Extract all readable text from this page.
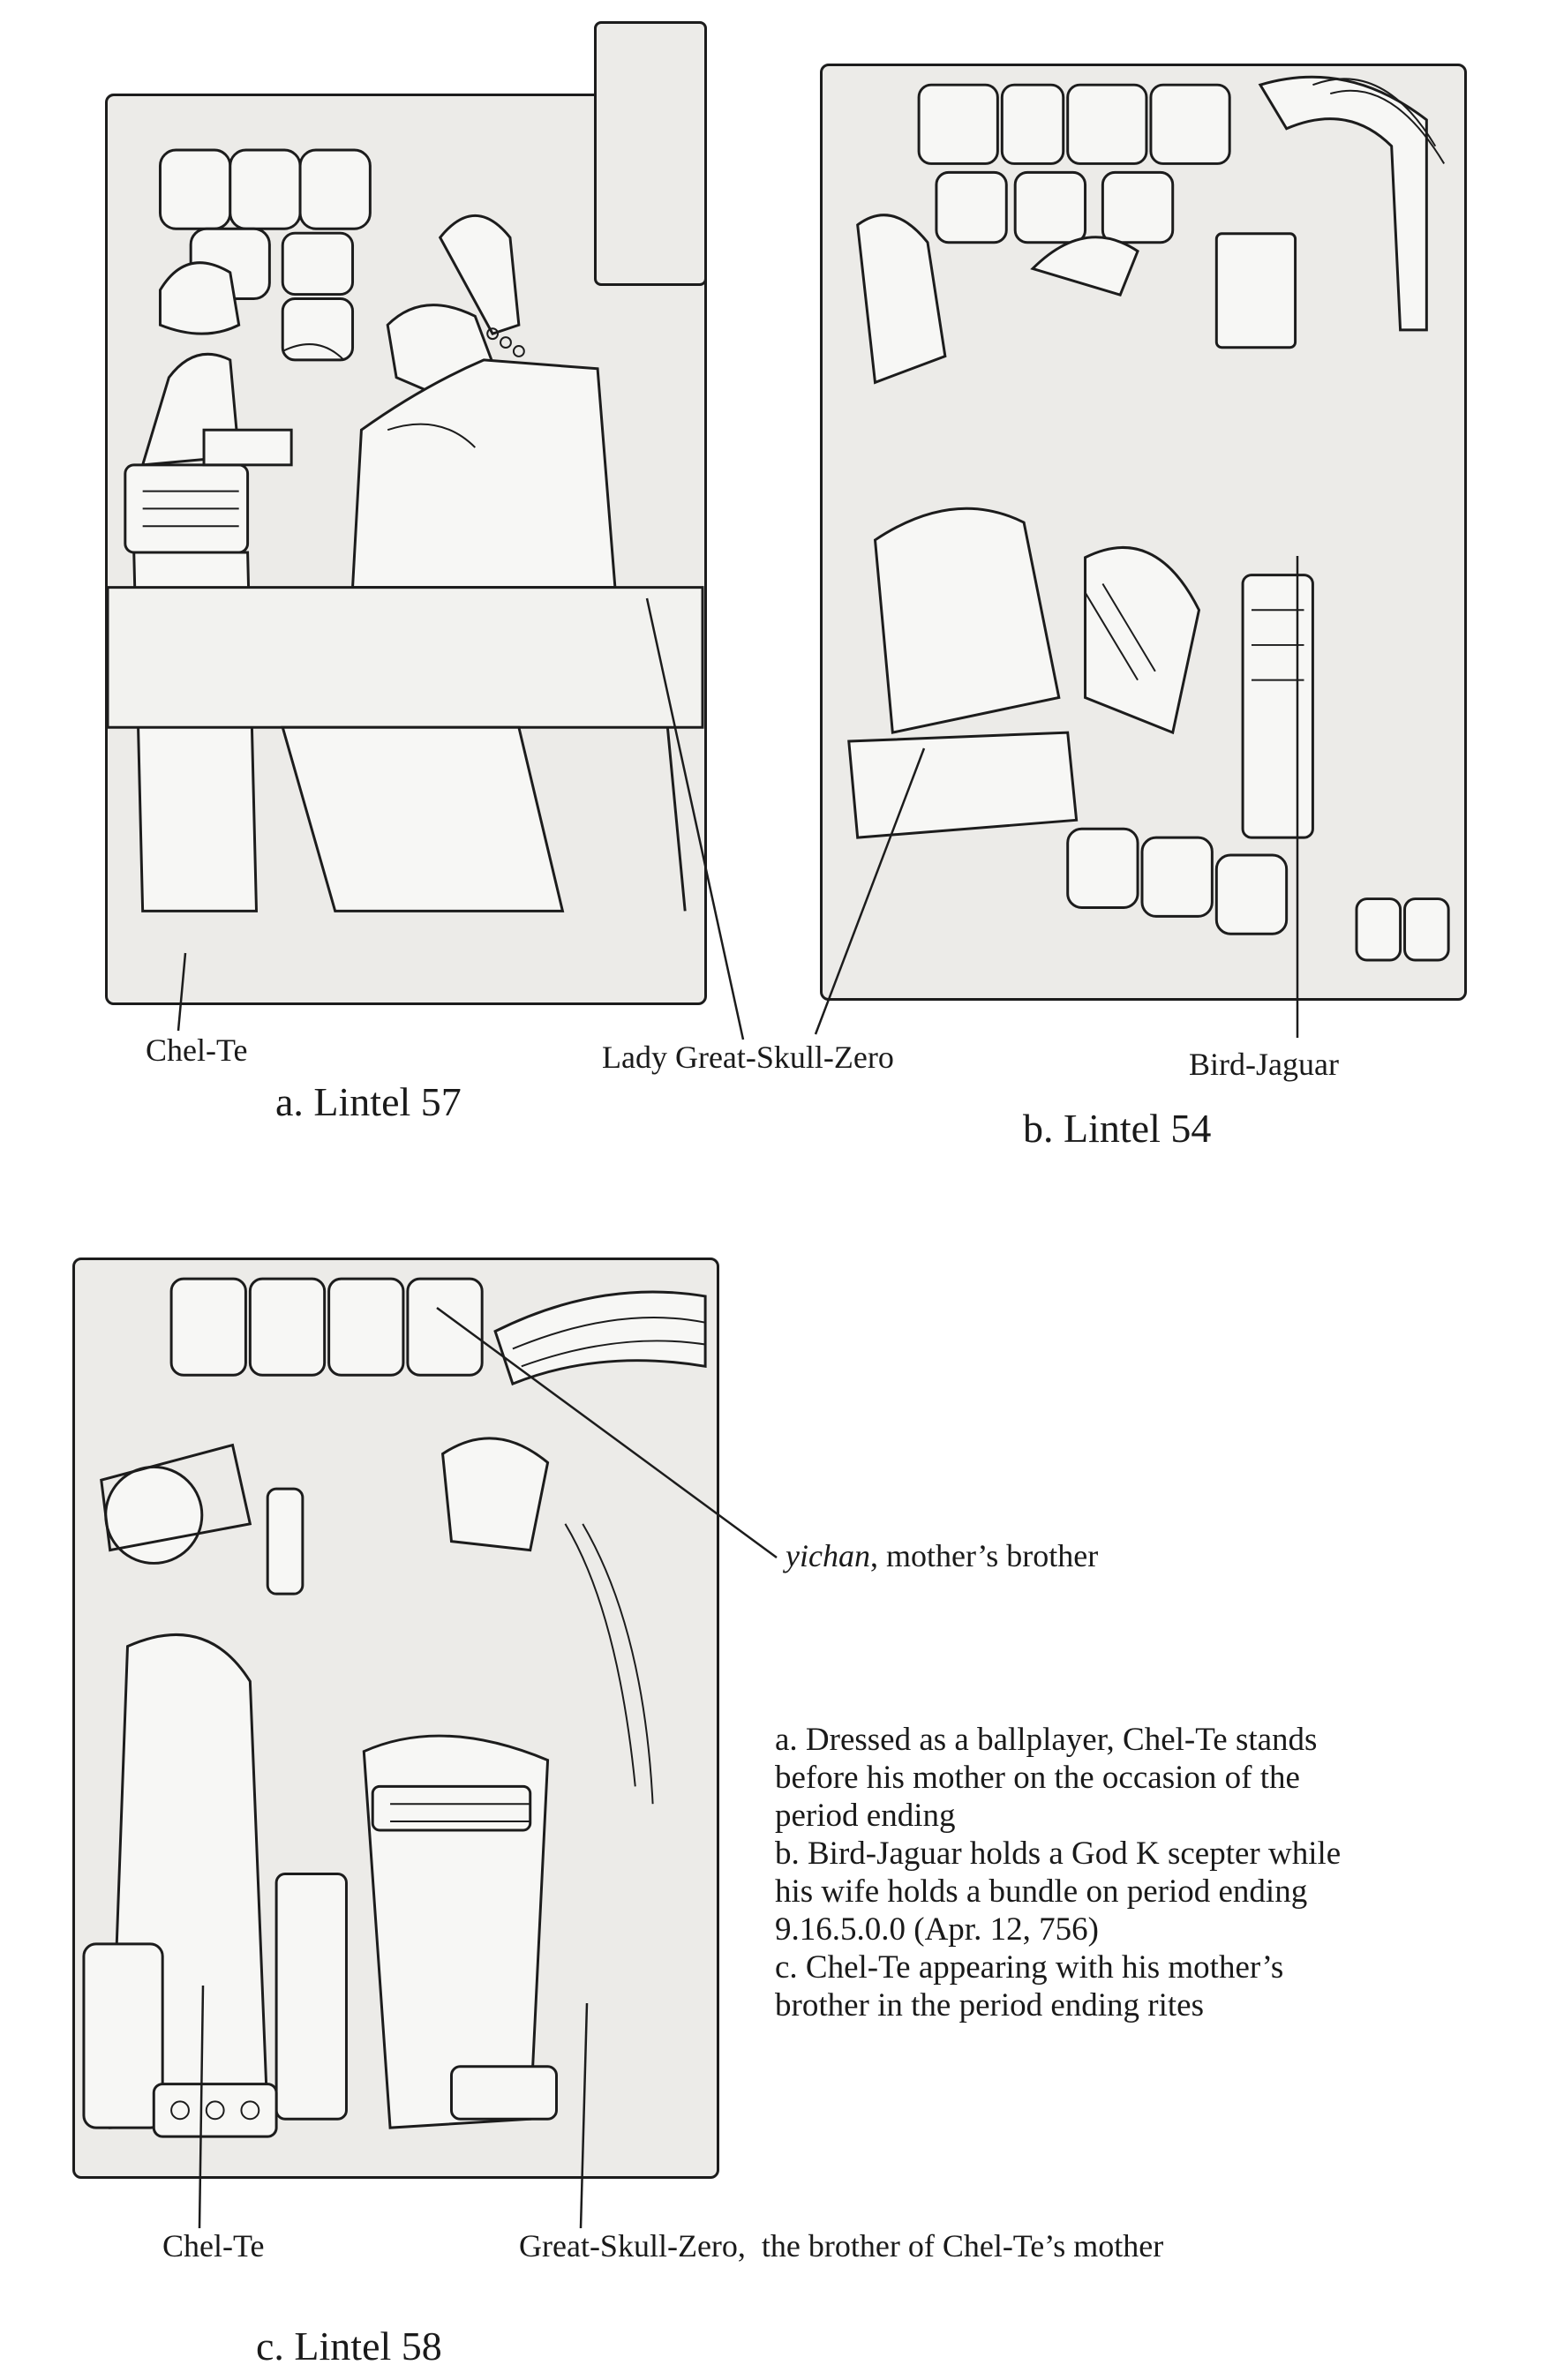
Chel-Te
a. Lintel 57
Lady Great-Skull-Zero	Bird-Jaguar
b. Lintel 54
yichan, mother’s brother

a. Dressed as a ballplayer, Chel-Te stands

before his mother on the occasion of the

period ending

b. Bird-Jaguar holds a God K scepter while

his wife holds a bundle on period ending

9.16.5.0.0 (Apr. 12, 756)

c. Chel-Te appearing with his mother’s

brother in the period ending rites

Chel-Te	Great-Skull-Zero,  the brother of Chel-Te’s mother
c. Lintel 58
